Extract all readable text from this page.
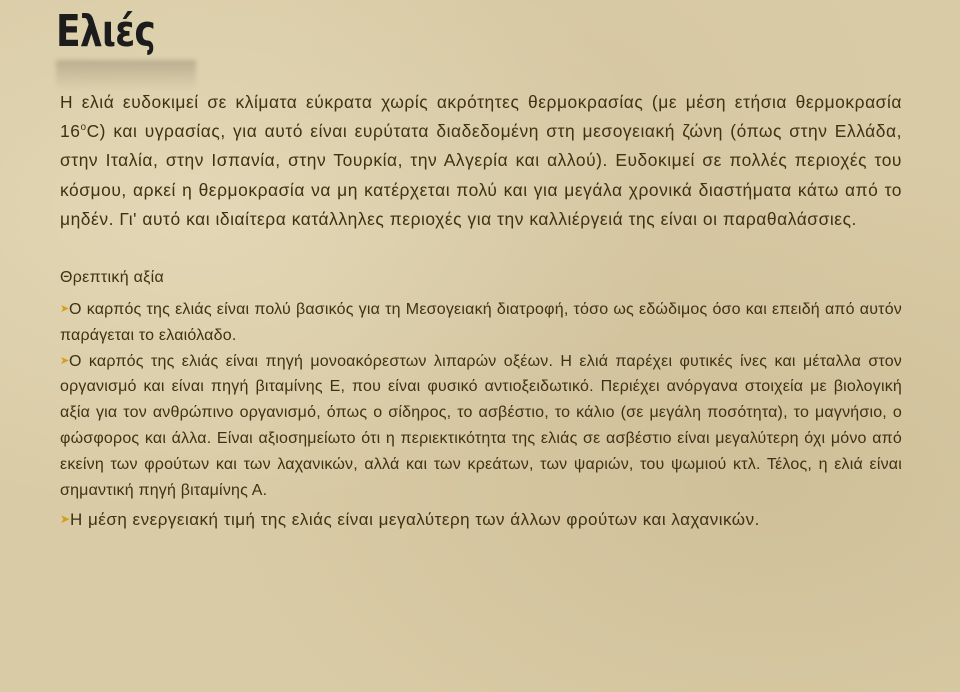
Ελιές

Η ελιά ευδοκιμεί σε κλίματα εύκρατα χωρίς ακρότητες θερμοκρασίας (με μέση ετήσια θερμοκρασία $16^oC$) και υγρασίας, για αυτό είναι ευρύτατα διαδεδομένη στη μεσογειακή ζώνη (όπως στην Ελλάδα, στην Ιταλία, στην Ισπανία, στην Τουρκία, την Αλγερία και αλλού). Ευδοκιμεί σε πολλές περιοχές του κόσμου, αρκεί η θερμοκρασία να μη κατέρχεται πολύ και για μεγάλα χρονικά διαστήματα κάτω από το μηδέν. Γι' αυτό και ιδιαίτερα κατάλληλες περιοχές για την καλλιέργειά της είναι οι παραθαλάσσιες.

Θρεπτική αξία

➤Ο καρπός της ελιάς είναι πολύ βασικός για τη Μεσογειακή διατροφή, τόσο ως εδώδιμος όσο και επειδή από αυτόν παράγεται το ελαιόλαδο.

➤Ο καρπός της ελιάς είναι πηγή μονοακόρεστων λιπαρών οξέων. Η ελιά παρέχει φυτικές ίνες και μέταλλα στον οργανισμό και είναι πηγή βιταμίνης Ε, που είναι φυσικό αντιοξειδωτικό. Περιέχει ανόργανα στοιχεία με βιολογική αξία για τον ανθρώπινο οργανισμό, όπως ο σίδηρος, το ασβέστιο, το κάλιο (σε μεγάλη ποσότητα), το μαγνήσιο, ο φώσφορος και άλλα. Είναι αξιοσημείωτο ότι η περιεκτικότητα της ελιάς σε ασβέστιο είναι μεγαλύτερη όχι μόνο από εκείνη των φρούτων και των λαχανικών, αλλά και των κρεάτων, των ψαριών, του ψωμιού κτλ. Τέλος, η ελιά είναι σημαντική πηγή βιταμίνης Α.

➤Η μέση ενεργειακή τιμή της ελιάς είναι μεγαλύτερη των άλλων φρούτων και λαχανικών.
